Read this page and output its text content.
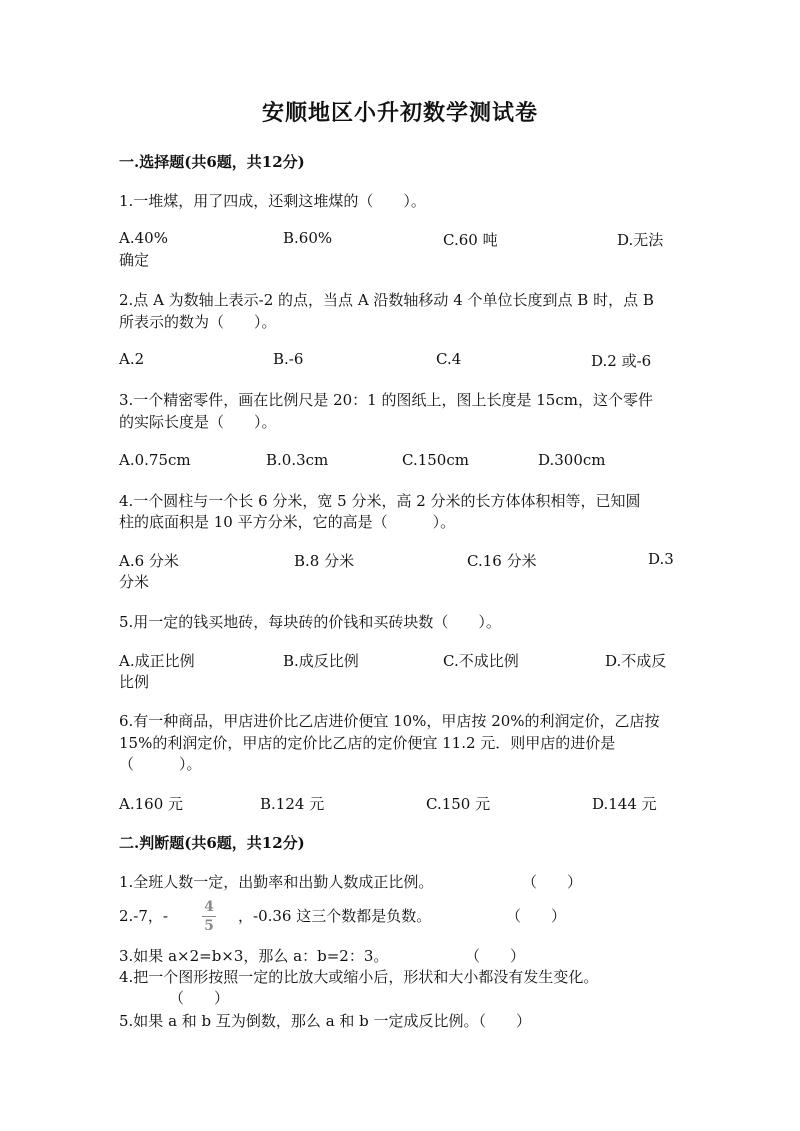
安顺地区小升初数学测试卷
一.选择题(共6题，共12分)
1.一堆煤，用了四成，还剩这堆煤的（　　）。
A.40%	B.60%	C.60 吨	D.无法
确定
2.点 A 为数轴上表示-2 的点，当点 A 沿数轴移动 4 个单位长度到点 B 时，点 B
所表示的数为（　　）。
A.2	B.-6	C.4	D.2 或-6
3.一个精密零件，画在比例尺是 20：1 的图纸上，图上长度是 15cm，这个零件
的实际长度是（　　）。
A.0.75cm	B.0.3cm	C.150cm	D.300cm
4.一个圆柱与一个长 6 分米，宽 5 分米，高 2 分米的长方体体积相等，已知圆
柱的底面积是 10 平方分米，它的高是（　　　）。
A.6 分米	B.8 分米	C.16 分米	D.3
分米
5.用一定的钱买地砖，每块砖的价钱和买砖块数（　　）。
A.成正比例	B.成反比例	C.不成比例	D.不成反
比例
6.有一种商品，甲店进价比乙店进价便宜 10%，甲店按 20%的利润定价，乙店按
15%的利润定价，甲店的定价比乙店的定价便宜 11.2 元．则甲店的进价是
（　　　）。
A.160 元	B.124 元	C.150 元	D.144 元
二.判断题(共6题，共12分)
1.全班人数一定，出勤率和出勤人数成正比例。	（　　）
2.-7，-	4
5
，-0.36 这三个数都是负数。	（　　）
3.如果 a×2=b×3，那么 a：b=2：3。	（　　）
4.把一个图形按照一定的比放大或缩小后，形状和大小都没有发生变化。
（　　）
5.如果 a 和 b 互为倒数，那么 a 和 b 一定成反比例。（　　）
